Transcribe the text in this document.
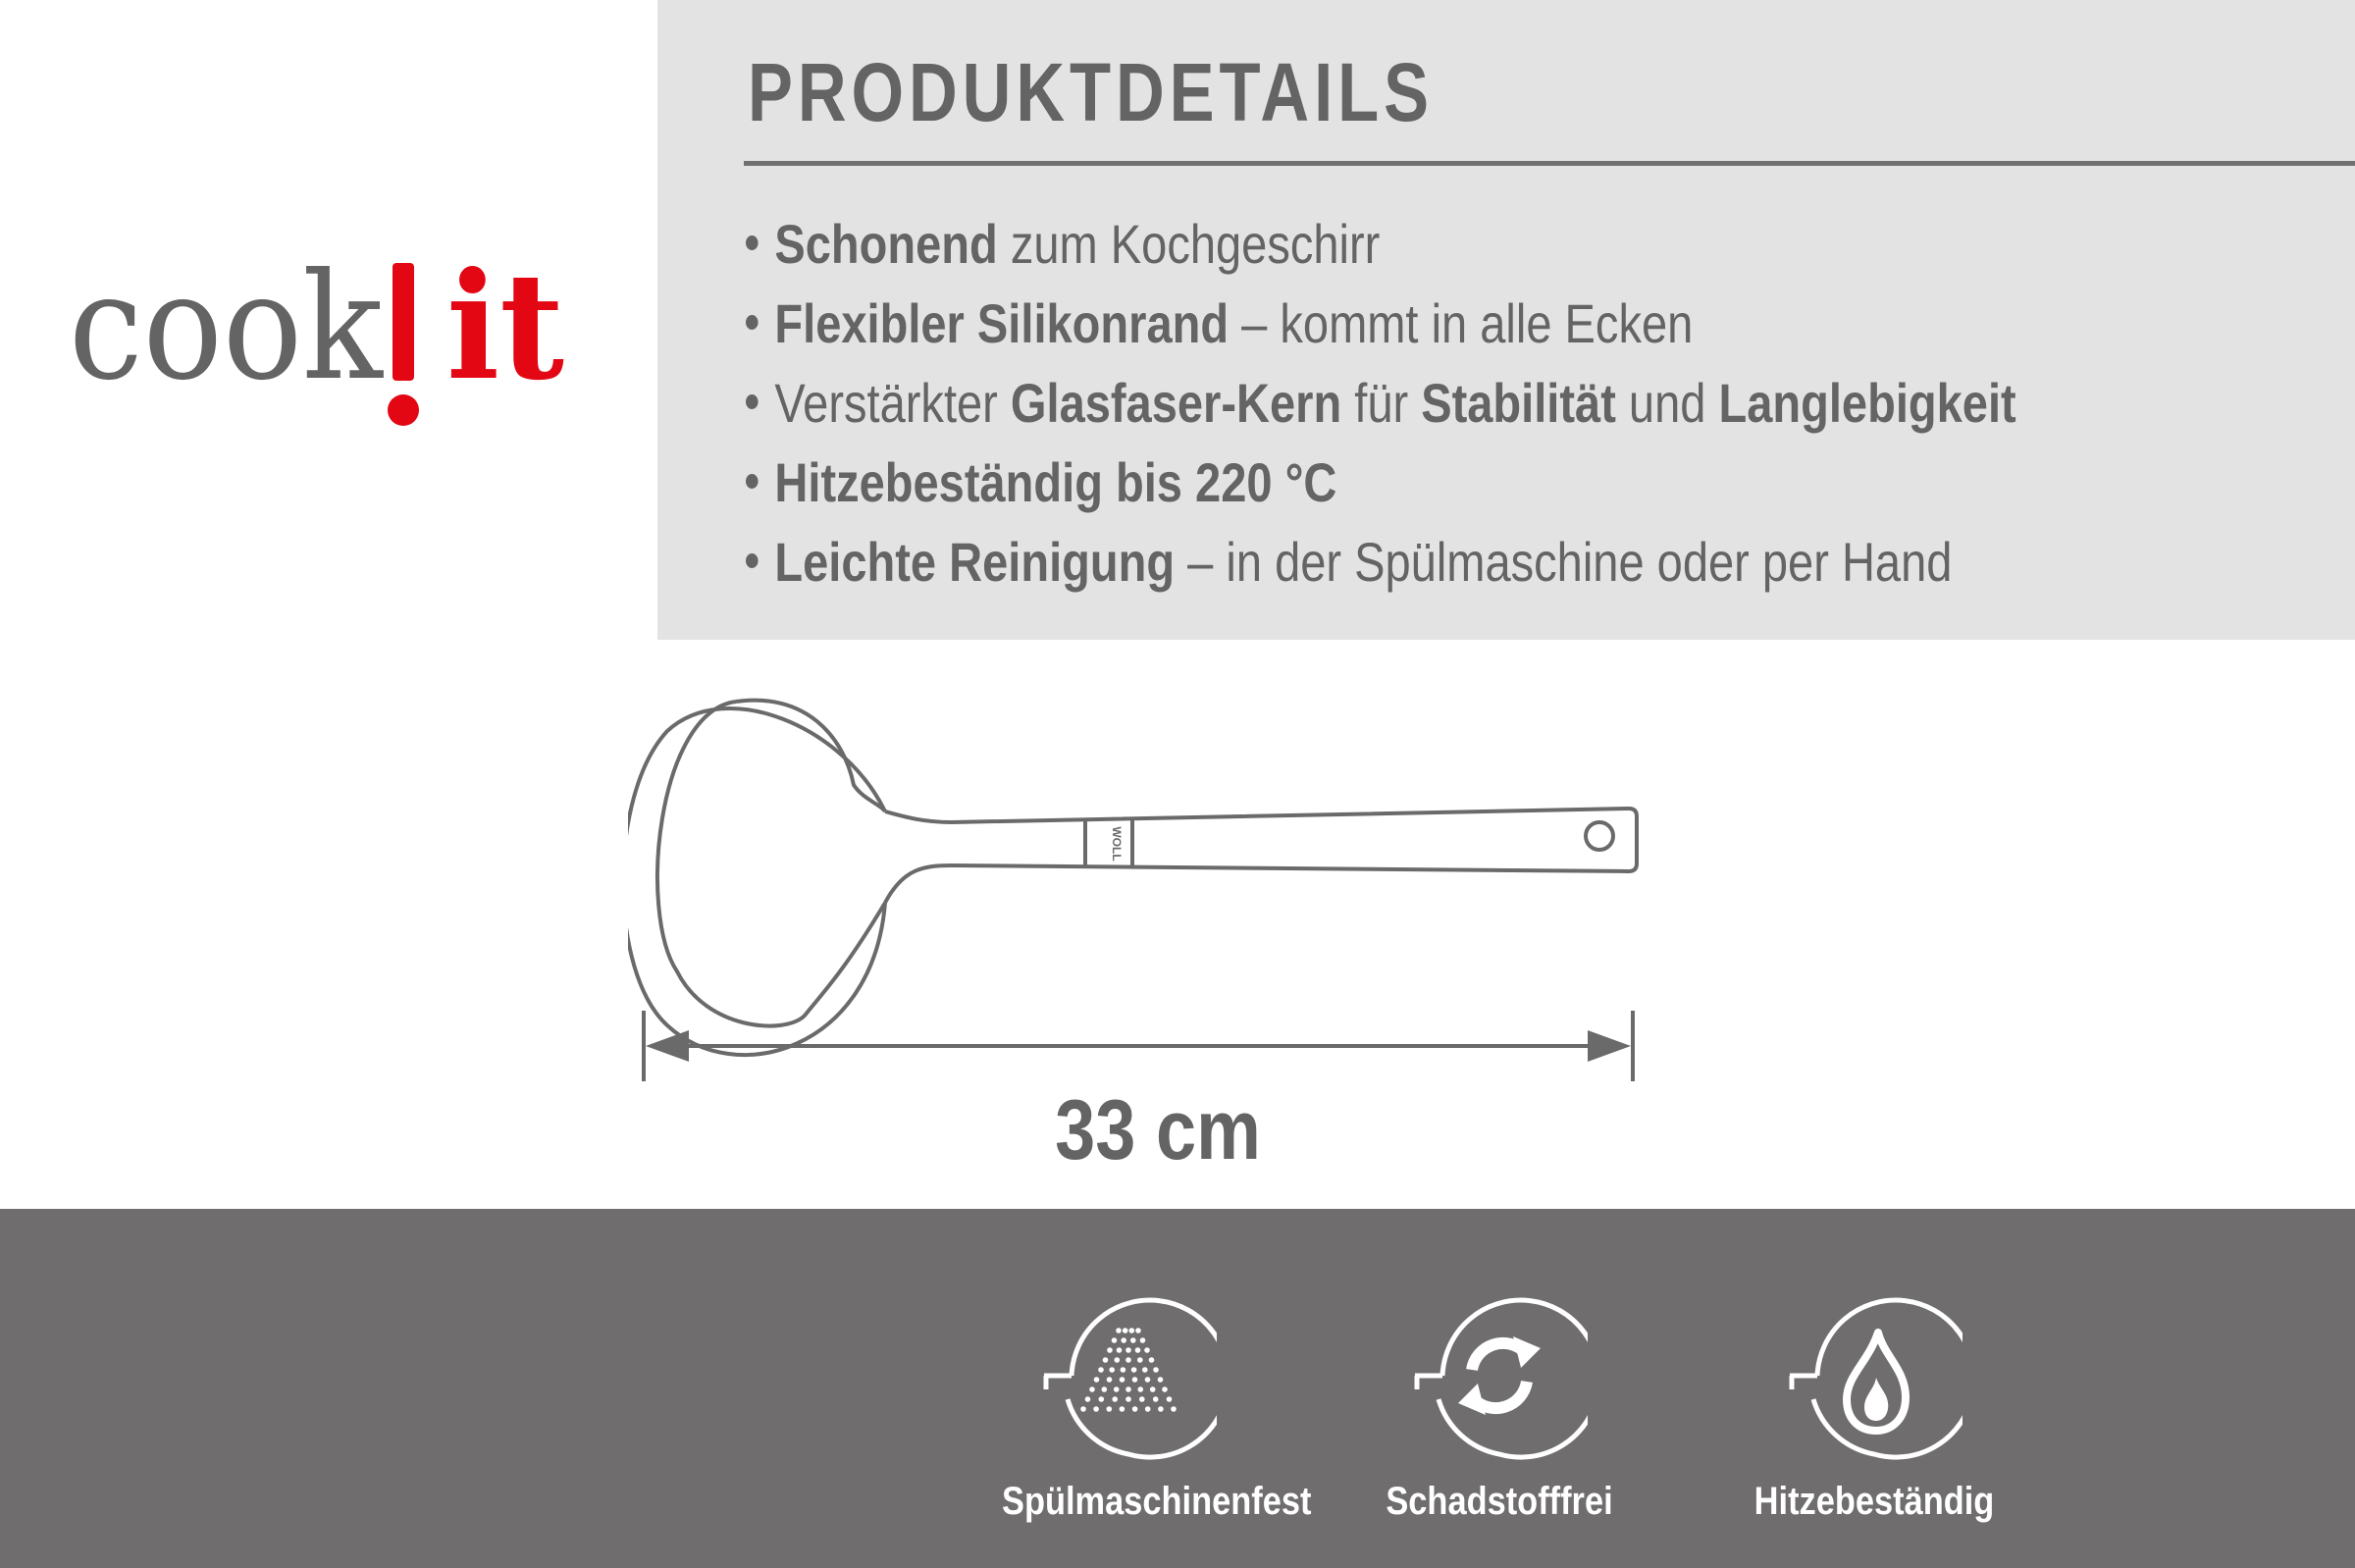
cook it
PRODUKTDETAILS
Schonend zum Kochgeschirr
Flexibler Silikonrand – kommt in alle Ecken
Verstärkter Glasfaser-Kern für Stabilität und Langlebigkeit
Hitzebeständig bis 220 °C
Leichte Reinigung – in der Spülmaschine oder per Hand
WOLL
33 cm
Spülmaschinenfest	Schadstofffrei	Hitzebeständig
